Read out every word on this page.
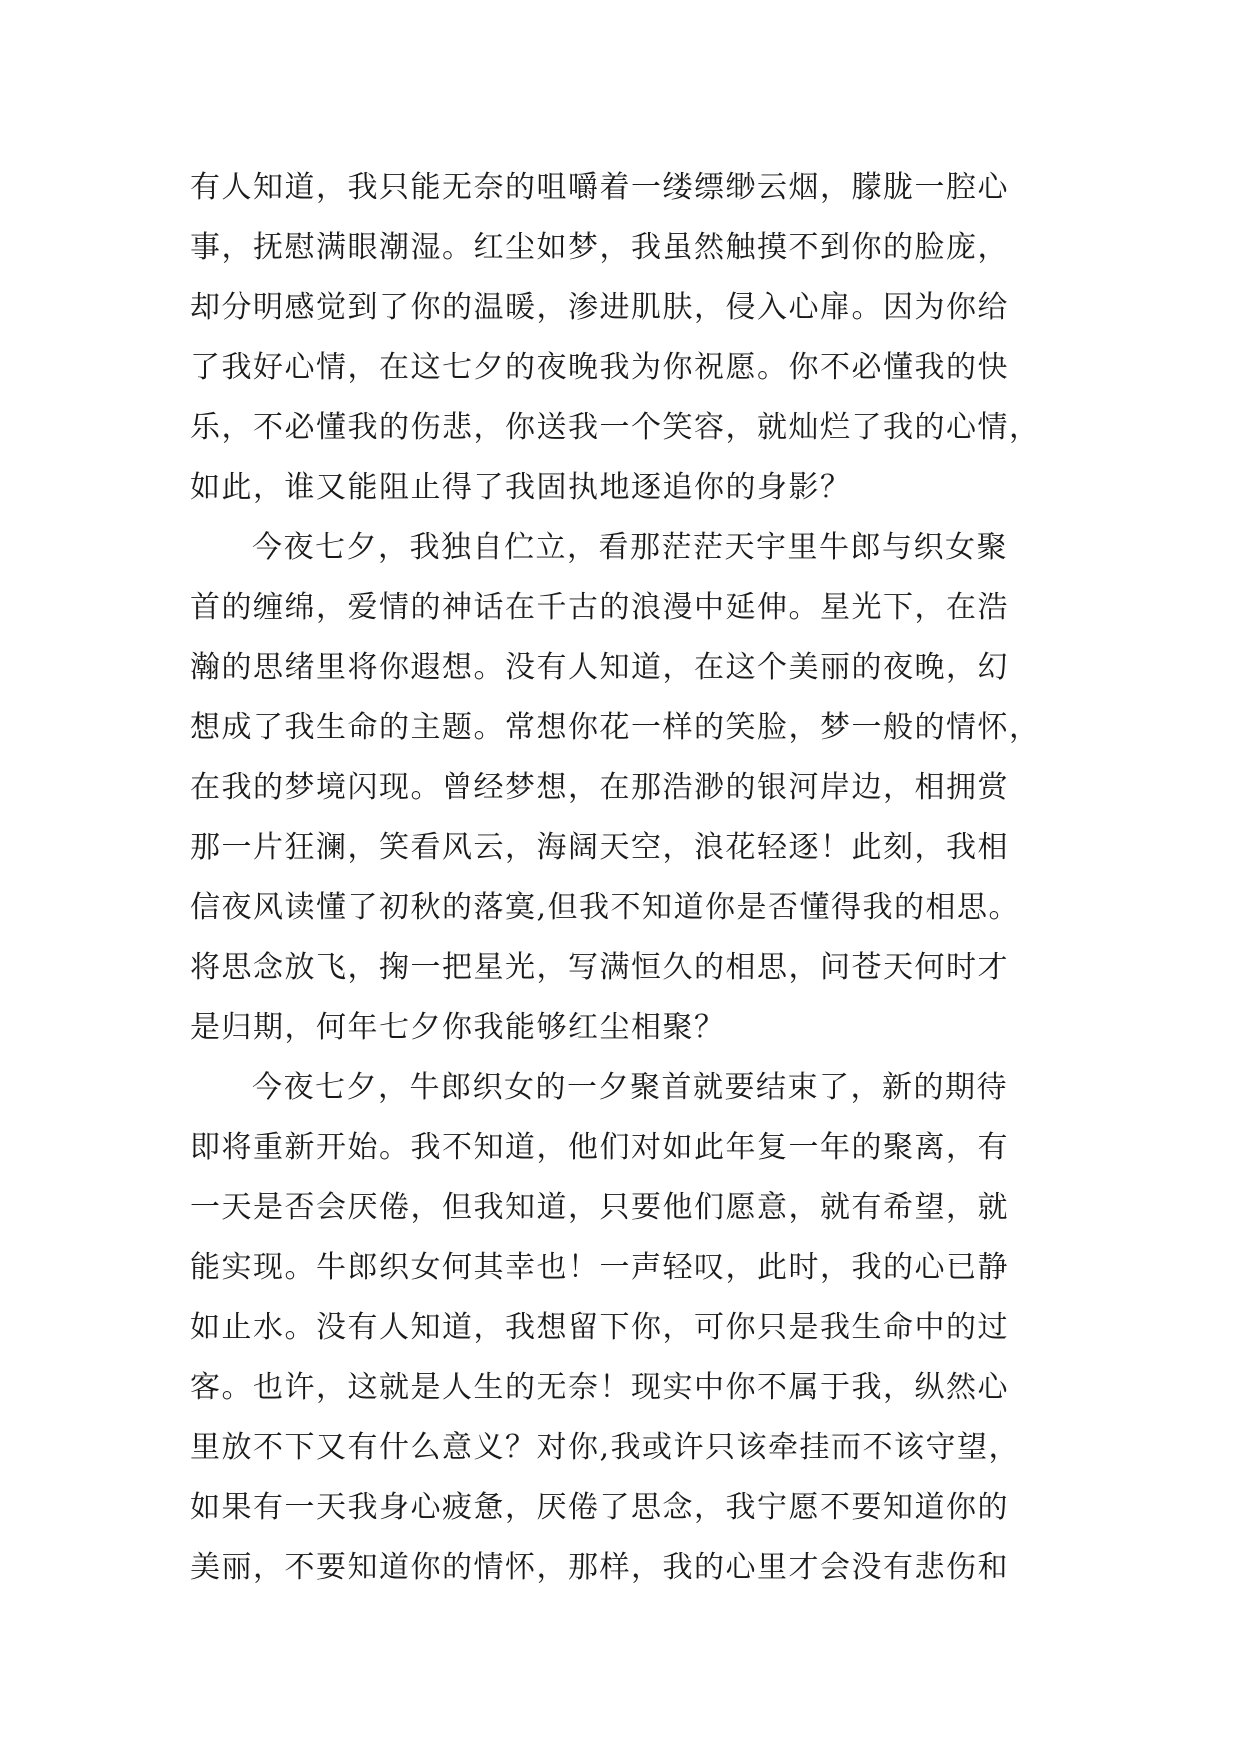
有人知道，我只能无奈的咀嚼着一缕缥缈云烟，朦胧一腔心
事，抚慰满眼潮湿。红尘如梦，我虽然触摸不到你的脸庞，
却分明感觉到了你的温暖，渗进肌肤，侵入心扉。因为你给
了我好心情，在这七夕的夜晚我为你祝愿。你不必懂我的快
乐，不必懂我的伤悲，你送我一个笑容，就灿烂了我的心情，
如此，谁又能阻止得了我固执地逐追你的身影？
今夜七夕，我独自伫立，看那茫茫天宇里牛郎与织女聚
首的缠绵，爱情的神话在千古的浪漫中延伸。星光下，在浩
瀚的思绪里将你遐想。没有人知道，在这个美丽的夜晚，幻
想成了我生命的主题。常想你花一样的笑脸，梦一般的情怀，
在我的梦境闪现。曾经梦想，在那浩渺的银河岸边，相拥赏
那一片狂澜，笑看风云，海阔天空，浪花轻逐！此刻，我相
信夜风读懂了初秋的落寞,但我不知道你是否懂得我的相思。
将思念放飞，掬一把星光，写满恒久的相思，问苍天何时才
是归期，何年七夕你我能够红尘相聚？
今夜七夕，牛郎织女的一夕聚首就要结束了，新的期待
即将重新开始。我不知道，他们对如此年复一年的聚离，有
一天是否会厌倦，但我知道，只要他们愿意，就有希望，就
能实现。牛郎织女何其幸也！一声轻叹，此时，我的心已静
如止水。没有人知道，我想留下你，可你只是我生命中的过
客。也许，这就是人生的无奈！现实中你不属于我，纵然心
里放不下又有什么意义？对你,我或许只该牵挂而不该守望，
如果有一天我身心疲惫，厌倦了思念，我宁愿不要知道你的
美丽，不要知道你的情怀，那样，我的心里才会没有悲伤和
